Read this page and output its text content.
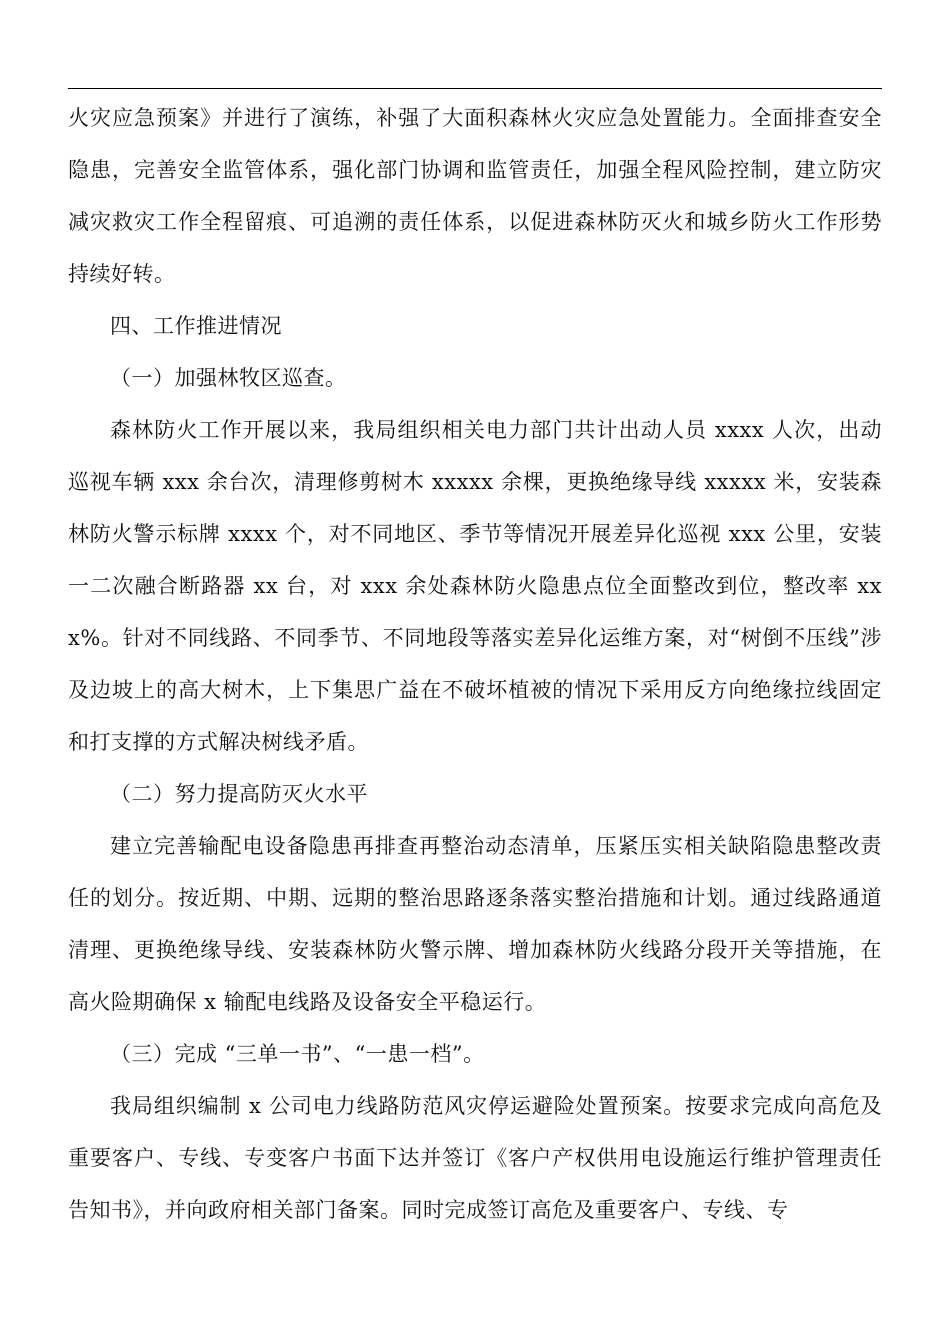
火灾应急预案》并进行了演练，补强了大面积森林火灾应急处置能力。全面排查安全隐患，完善安全监管体系，强化部门协调和监管责任，加强全程风险控制，建立防灾减灾救灾工作全程留痕、可追溯的责任体系，以促进森林防灭火和城乡防火工作形势持续好转。

四、工作推进情况

（一）加强林牧区巡查。

森林防火工作开展以来，我局组织相关电力部门共计出动人员 xxxx 人次，出动巡视车辆 xxx 余台次，清理修剪树木 xxxxx 余棵，更换绝缘导线 xxxxx 米，安装森林防火警示标牌 xxxx 个，对不同地区、季节等情况开展差异化巡视 xxx 公里，安装一二次融合断路器 xx 台，对 xxx 余处森林防火隐患点位全面整改到位，整改率 xxx%。针对不同线路、不同季节、不同地段等落实差异化运维方案，对“树倒不压线”涉及边坡上的高大树木，上下集思广益在不破坏植被的情况下采用反方向绝缘拉线固定和打支撑的方式解决树线矛盾。

（二）努力提高防灭火水平

建立完善输配电设备隐患再排查再整治动态清单，压紧压实相关缺陷隐患整改责任的划分。按近期、中期、远期的整治思路逐条落实整治措施和计划。通过线路通道清理、更换绝缘导线、安装森林防火警示牌、增加森林防火线路分段开关等措施，在高火险期确保 x 输配电线路及设备安全平稳运行。

（三）完成 “三单一书”、“一患一档”。

我局组织编制 x 公司电力线路防范风灾停运避险处置预案。按要求完成向高危及重要客户、专线、专变客户书面下达并签订《客户产权供用电设施运行维护管理责任告知书》，并向政府相关部门备案。同时完成签订高危及重要客户、专线、专
